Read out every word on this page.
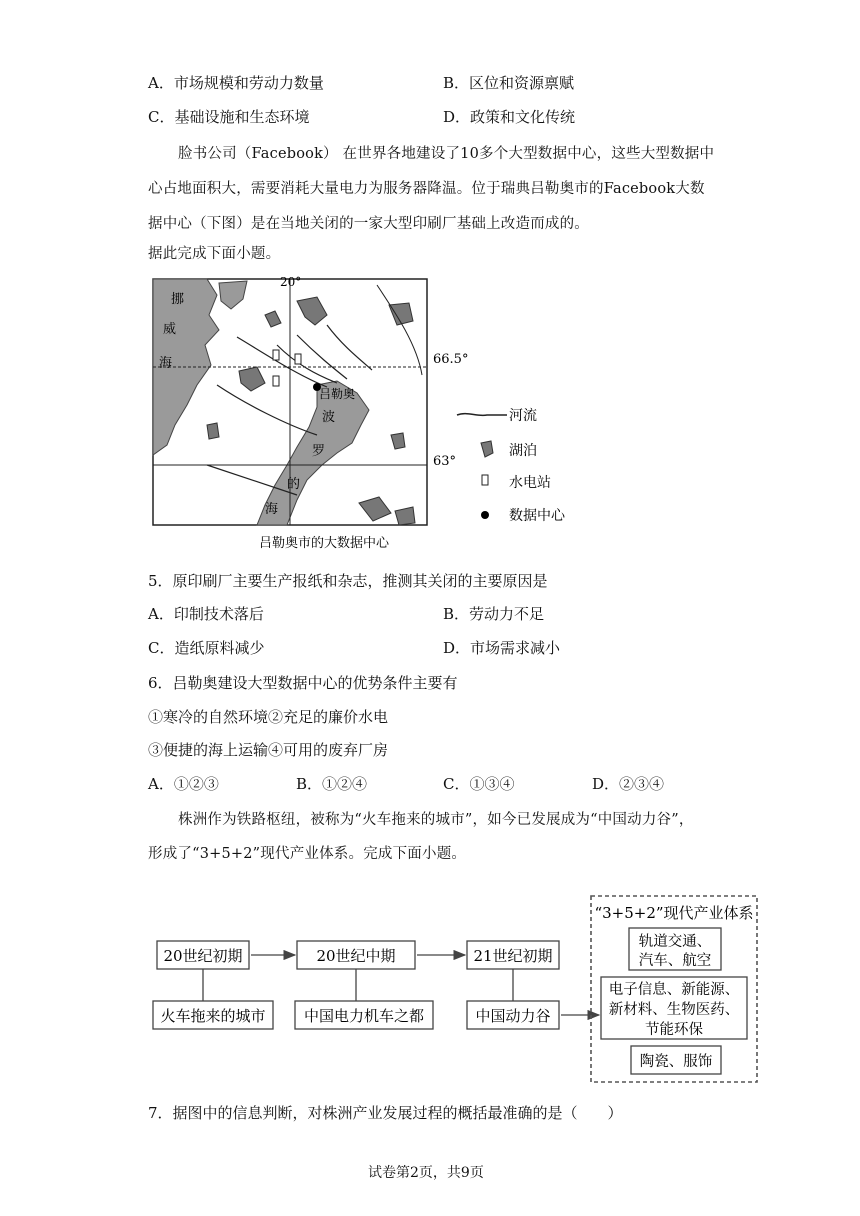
A．市场规模和劳动力数量	B．区位和资源禀赋
C．基础设施和生态环境	D．政策和文化传统
脸书公司（Facebook） 在世界各地建设了10多个大型数据中心，这些大型数据中
心占地面积大，需要消耗大量电力为服务器降温。位于瑞典吕勒奥市的Facebook大数
据中心（下图）是在当地关闭的一家大型印刷厂基础上改造而成的。
据此完成下面小题。
20°
66.5°
63°
吕勒奥
挪
威
海
波
罗
的
海
吕勒奥市的大数据中心
河流
湖泊
水电站
数据中心
5．原印刷厂主要生产报纸和杂志，推测其关闭的主要原因是
A．印制技术落后	B．劳动力不足
C．造纸原料减少	D．市场需求减小
6．吕勒奥建设大型数据中心的优势条件主要有
①寒冷的自然环境②充足的廉价水电
③便捷的海上运输④可用的废弃厂房
A．①②③	B．①②④	C．①③④	D．②③④
株洲作为铁路枢纽，被称为“火车拖来的城市”，如今已发展成为“中国动力谷”，
形成了“3+5+2”现代产业体系。完成下面小题。
20世纪初期	20世纪中期	21世纪初期
火车拖来的城市	中国电力机车之都	中国动力谷
“3+5+2”现代产业体系
轨道交通、
汽车、航空
电子信息、新能源、
新材料、生物医药、
节能环保
陶瓷、服饰
7．据图中的信息判断，对株洲产业发展过程的概括最准确的是（　　）
试卷第2页，共9页
